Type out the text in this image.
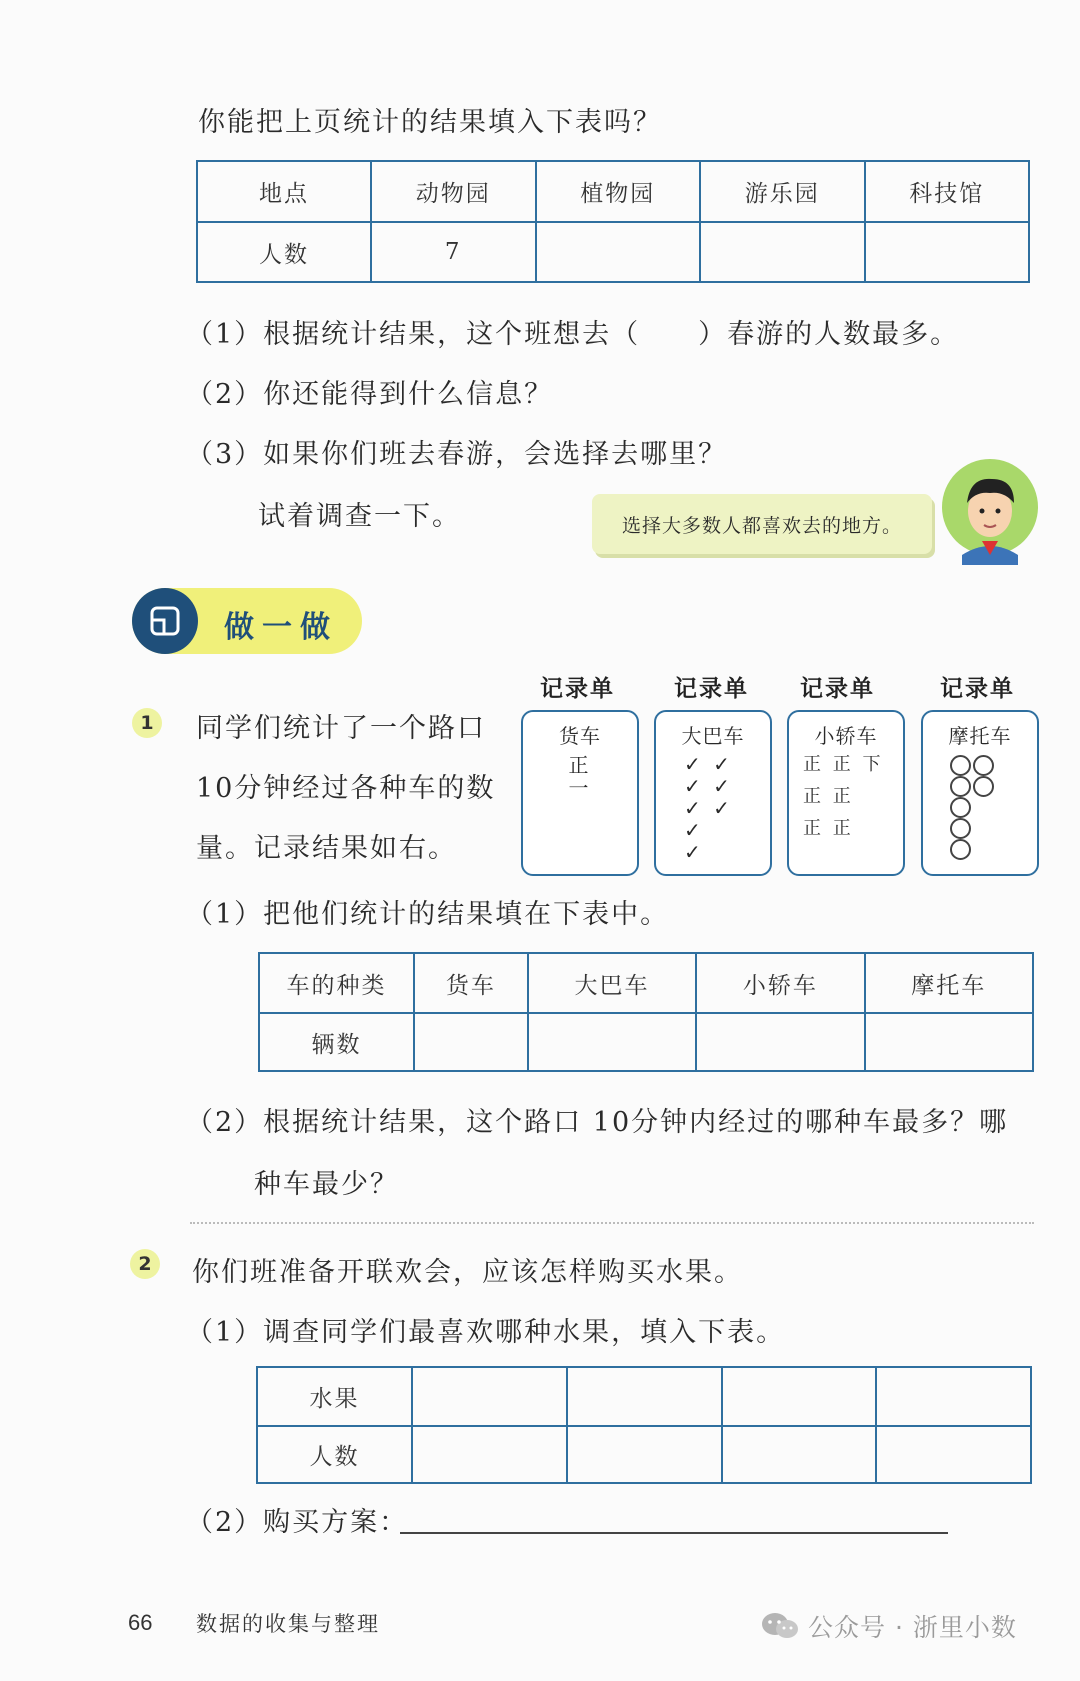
你能把上页统计的结果填入下表吗？
地点	动物园	植物园	游乐园	科技馆
人数	7			
（1）根据统计结果，这个班想去（　　）春游的人数最多。
（2）你还能得到什么信息？
（3）如果你们班去春游，会选择去哪里？
试着调查一下。	选择大多数人都喜欢去的地方。
做一做
1	同学们统计了一个路口
10分钟经过各种车的数
量。记录结果如右。
记录单
货车
正
一
记录单
大巴车
✓ ✓
✓ ✓
✓ ✓
✓
✓
记录单
小轿车
正 正 下
正 正
正 正
记录单
摩托车
（1）把他们统计的结果填在下表中。
车的种类	货车	大巴车	小轿车	摩托车
辆数				
（2）根据统计结果，这个路口 10分钟内经过的哪种车最多？哪
种车最少？
2	你们班准备开联欢会，应该怎样购买水果。
（1）调查同学们最喜欢哪种水果，填入下表。
水果				
人数				
（2）购买方案：
66 数据的收集与整理	公众号 · 浙里小数
